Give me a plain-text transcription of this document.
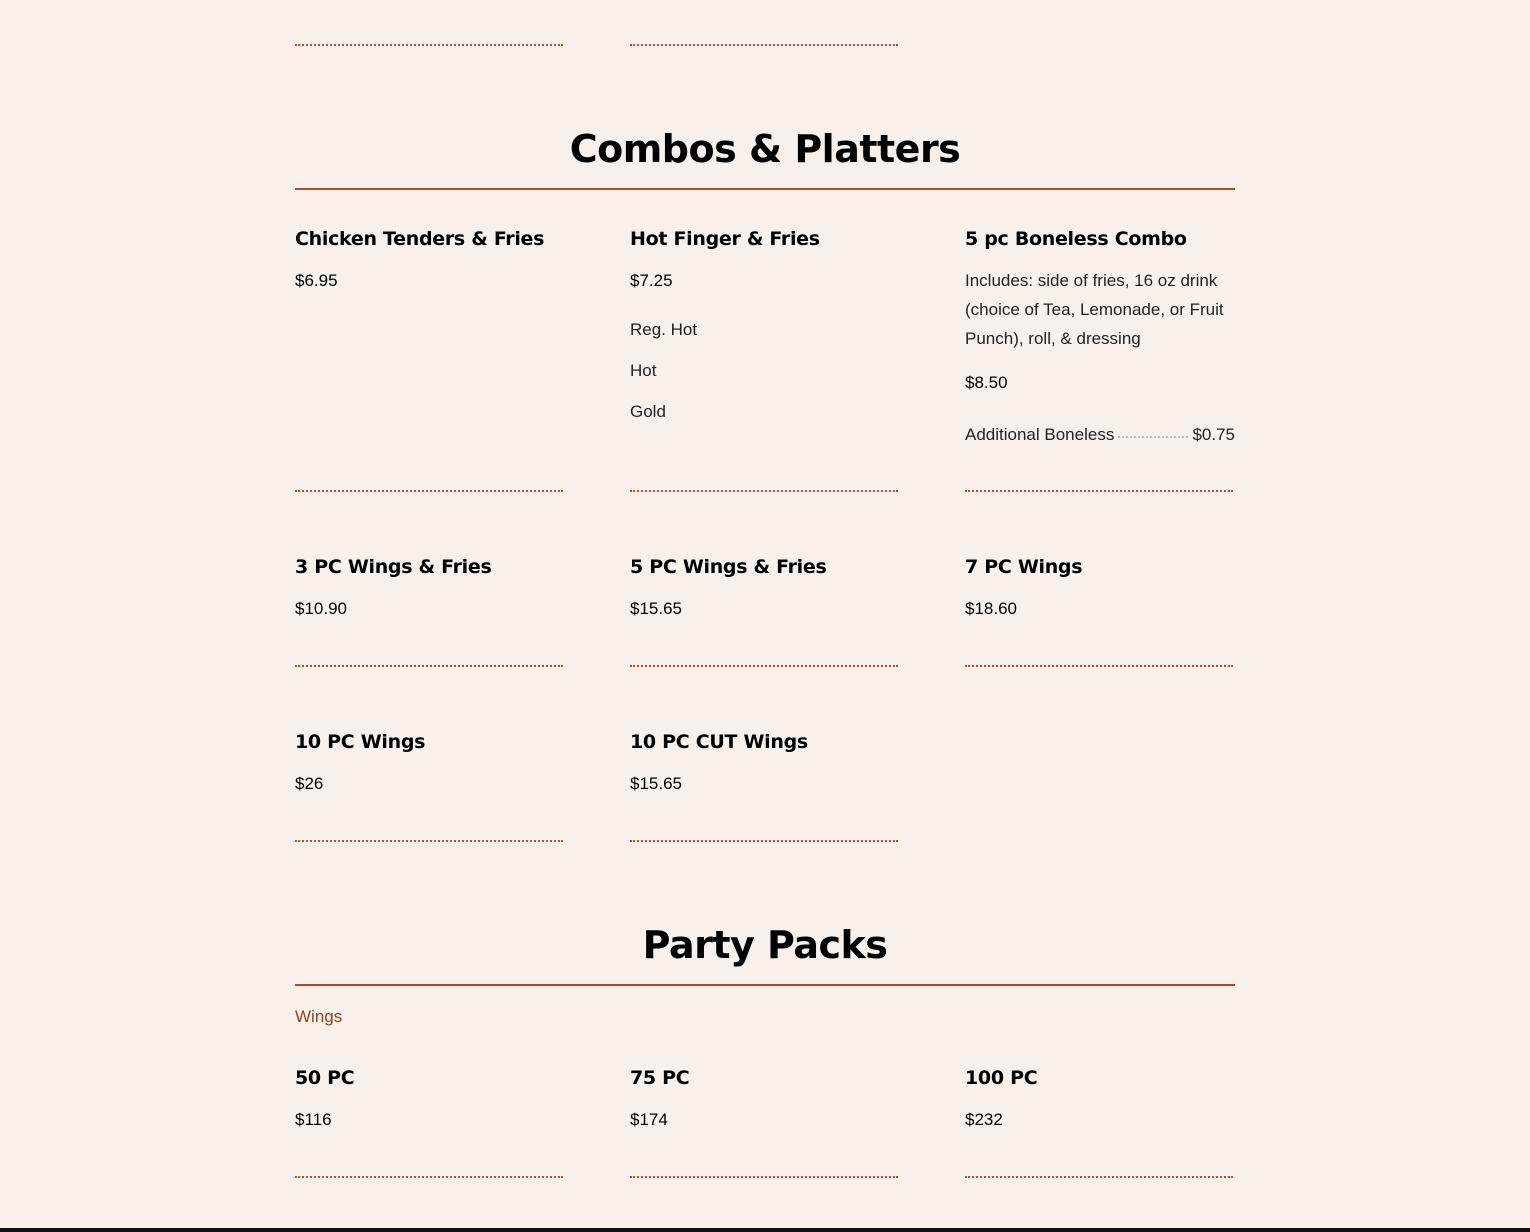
Combos & Platters
Chicken Tenders & Fries
$6.95
Hot Finger & Fries
$7.25
Reg. Hot
Hot
Gold
5 pc Boneless Combo
Includes: side of fries, 16 oz drink (choice of Tea, Lemonade, or Fruit Punch), roll, & dressing
$8.50
Additional Boneless	$0.75
3 PC Wings & Fries
$10.90
5 PC Wings & Fries
$15.65
7 PC Wings
$18.60
10 PC Wings
$26
10 PC CUT Wings
$15.65
Party Packs
Wings
50 PC
$116
75 PC
$174
100 PC
$232
